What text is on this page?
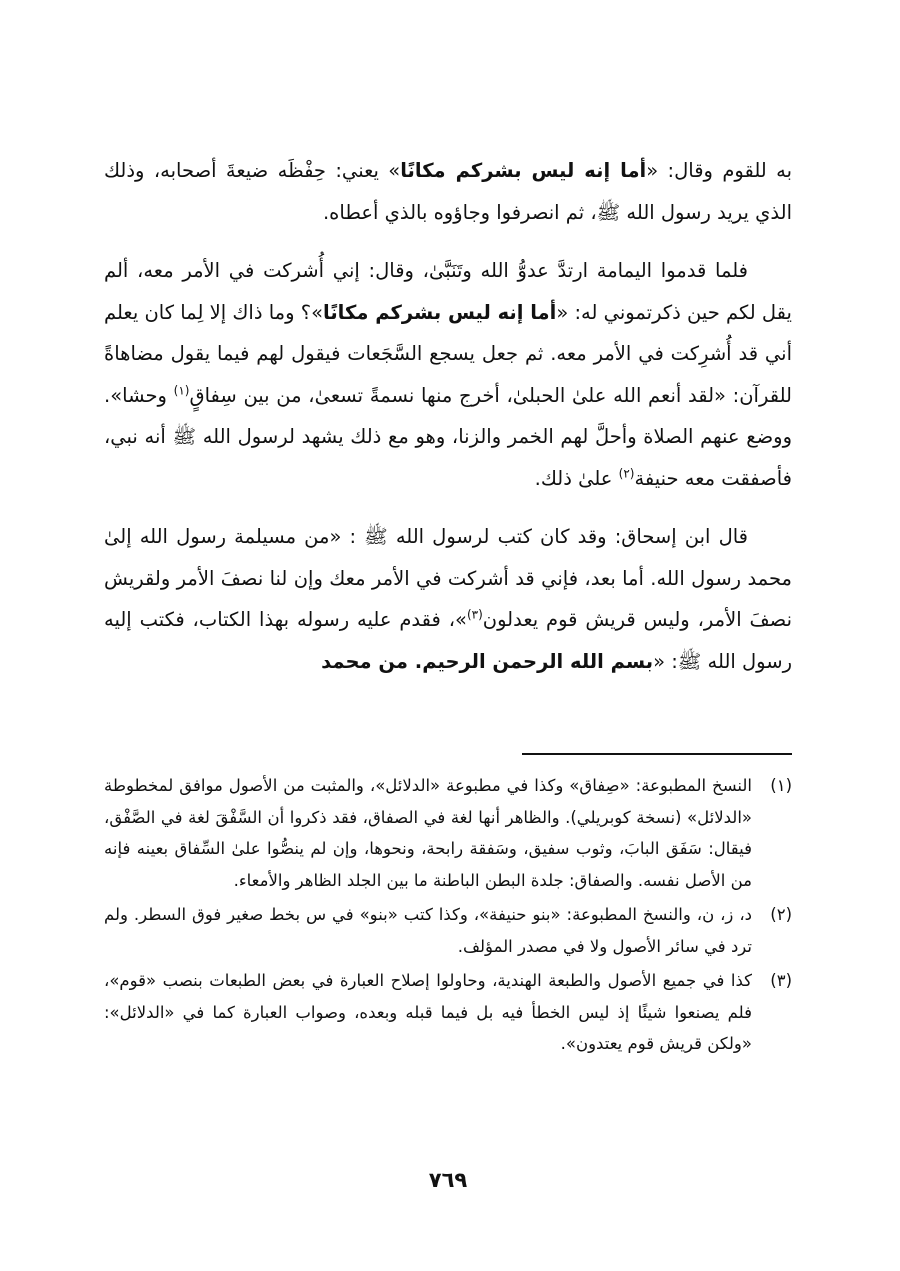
به للقوم وقال: «أما إنه ليس بشركم مكانًا» يعني: حِفْظَه ضيعةَ أصحابه، وذلك الذي يريد رسول الله ﷺ، ثم انصرفوا وجاؤوه بالذي أعطاه.

فلما قدموا اليمامة ارتدَّ عدوُّ الله وتَنَبَّىٰ، وقال: إني أُشركت في الأمر معه، ألم يقل لكم حين ذكرتموني له: «أما إنه ليس بشركم مكانًا»؟ وما ذاك إلا لِما كان يعلم أني قد أُشرِكت في الأمر معه. ثم جعل يسجع السَّجَعات فيقول لهم فيما يقول مضاهاةً للقرآن: «لقد أنعم الله علىٰ الحبلىٰ، أخرج منها نسمةً تسعىٰ، من بين سِفاقٍ$^{(١)}$ وحشا». ووضع عنهم الصلاة وأحلَّ لهم الخمر والزنا، وهو مع ذلك يشهد لرسول الله ﷺ أنه نبي، فأصفقت معه حنيفة$^{(٢)}$ علىٰ ذلك.

قال ابن إسحاق: وقد كان كتب لرسول الله ﷺ : «من مسيلمة رسول الله إلىٰ محمد رسول الله. أما بعد، فإني قد أشركت في الأمر معك وإن لنا نصفَ الأمر ولقريش نصفَ الأمر، وليس قريش قوم يعدلون$^{(٣)}$»، فقدم عليه رسوله بهذا الكتاب، فكتب إليه رسول الله ﷺ: «بسم الله الرحمن الرحيم. من محمد

(١)
النسخ المطبوعة: «صِفاق» وكذا في مطبوعة «الدلائل»، والمثبت من الأصول موافق لمخطوطة «الدلائل» (نسخة كوبريلي). والظاهر أنها لغة في الصفاق، فقد ذكروا أن السَّفْقَ لغة في الصَّفْق، فيقال: سَفَق البابَ، وثوب سفيق، وسَفقة رابحة، ونحوها، وإن لم ينصُّوا علىٰ السِّفاق بعينه فإنه من الأصل نفسه. والصفاق: جلدة البطن الباطنة ما بين الجلد الظاهر والأمعاء.
(٢)
د، ز، ن، والنسخ المطبوعة: «بنو حنيفة»، وكذا كتب «بنو» في س بخط صغير فوق السطر. ولم ترد في سائر الأصول ولا في مصدر المؤلف.
(٣)
كذا في جميع الأصول والطبعة الهندية، وحاولوا إصلاح العبارة في بعض الطبعات بنصب «قوم»، فلم يصنعوا شيئًا إذ ليس الخطأ فيه بل فيما قبله وبعده، وصواب العبارة كما في «الدلائل»: «ولكن قريش قوم يعتدون».
٧٦٩
